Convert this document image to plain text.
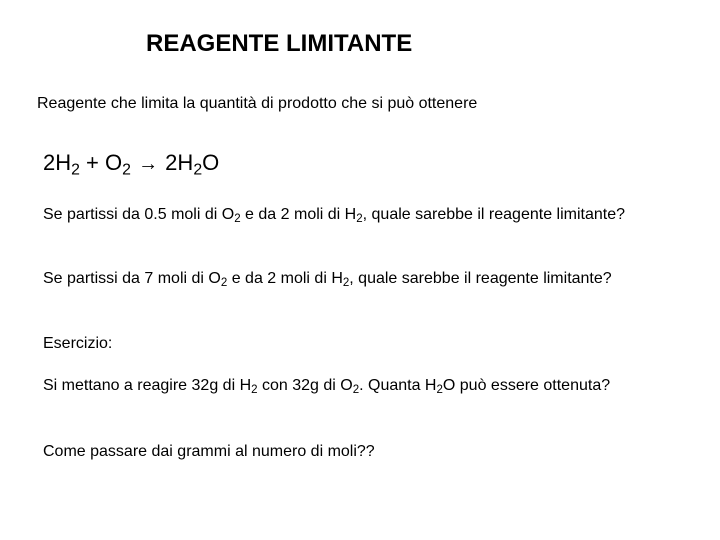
REAGENTE LIMITANTE
Reagente che limita la quantità di prodotto che si può ottenere
$2H_2 + O_2 \to 2H_2O$
Se partissi da 0.5 moli di $O_2$ e da 2 moli di $H_2$, quale sarebbe il reagente limitante?
Se partissi da 7 moli di $O_2$ e da 2 moli di $H_2$, quale sarebbe il reagente limitante?
Esercizio:
Si mettano a reagire 32g di $H_2$ con 32g di $O_2$. Quanta $H_2O$ può essere ottenuta?
Come passare dai grammi al numero di moli??
